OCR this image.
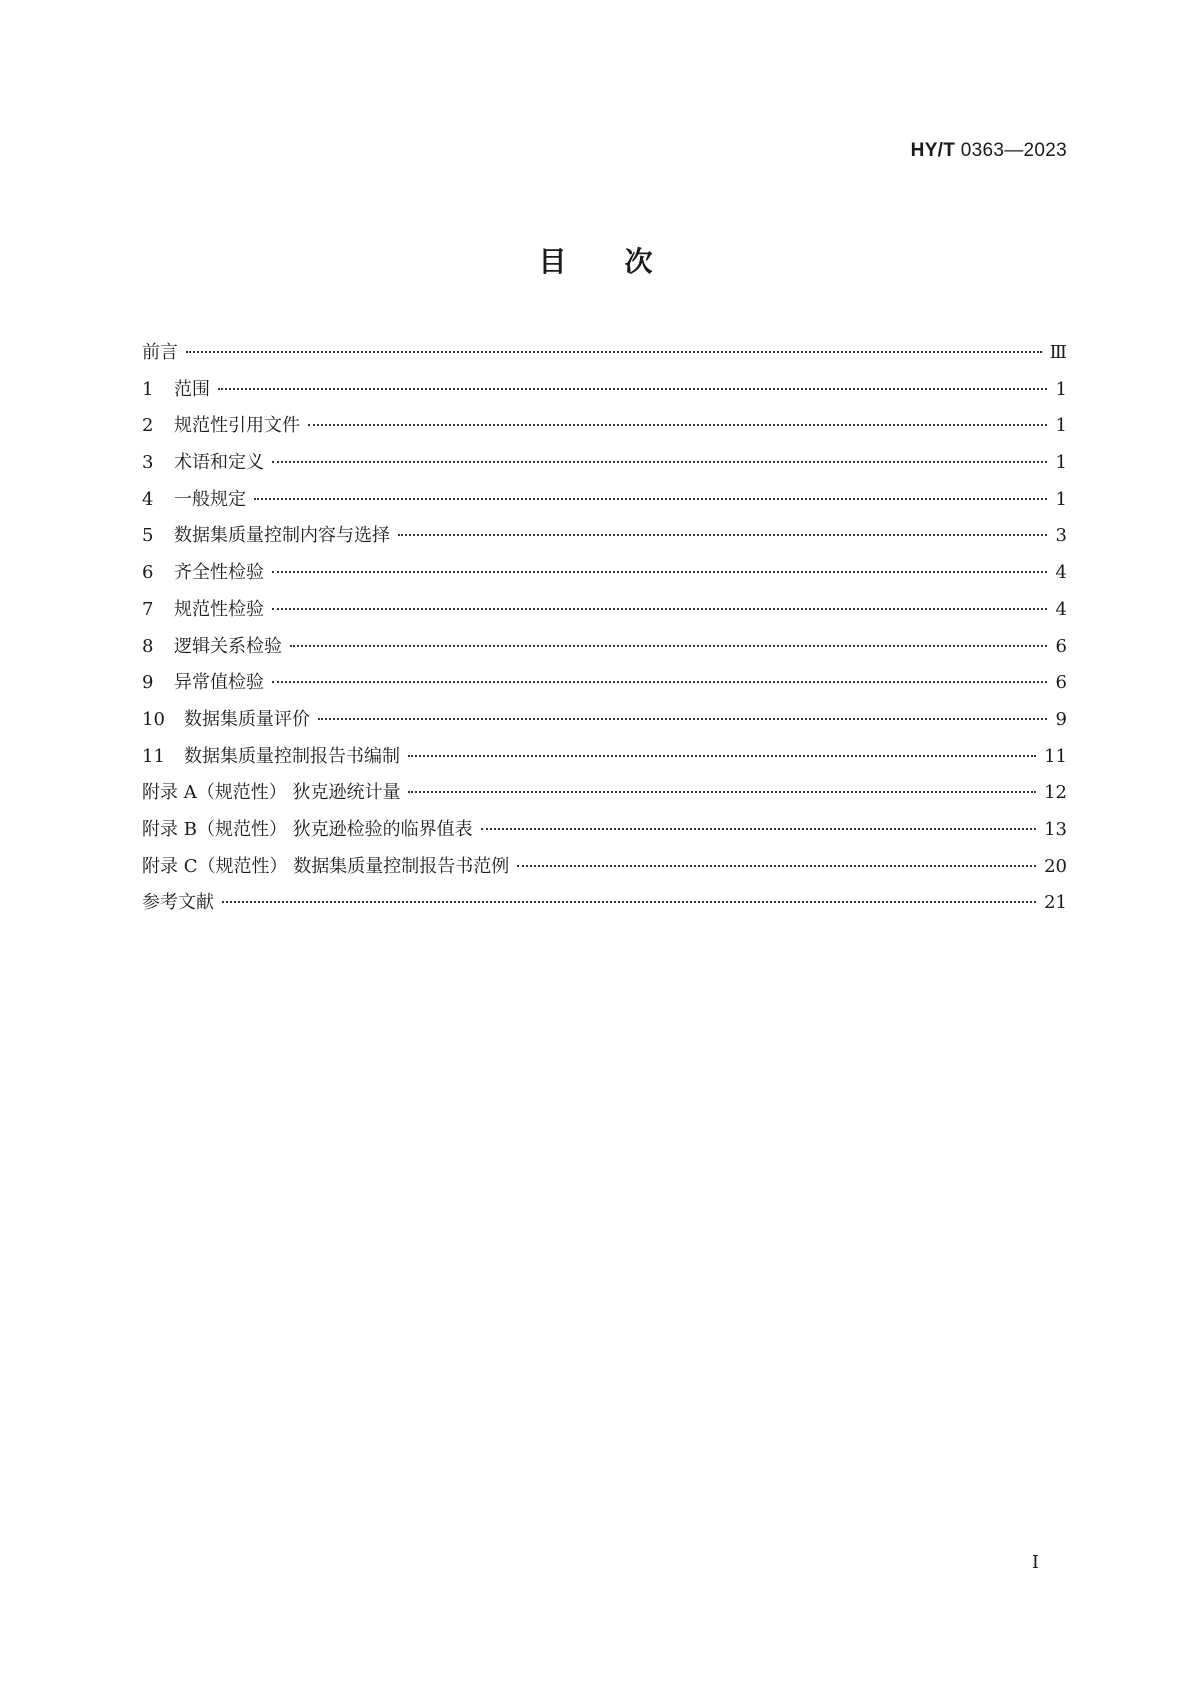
HY/T 0363—2023
目次
前言	Ⅲ
1 范围	1
2 规范性引用文件	1
3 术语和定义	1
4 一般规定	1
5 数据集质量控制内容与选择	3
6 齐全性检验	4
7 规范性检验	4
8 逻辑关系检验	6
9 异常值检验	6
10 数据集质量评价	9
11 数据集质量控制报告书编制	11
附录 A（规范性） 狄克逊统计量	12
附录 B（规范性） 狄克逊检验的临界值表	13
附录 C（规范性） 数据集质量控制报告书范例	20
参考文献	21
I
